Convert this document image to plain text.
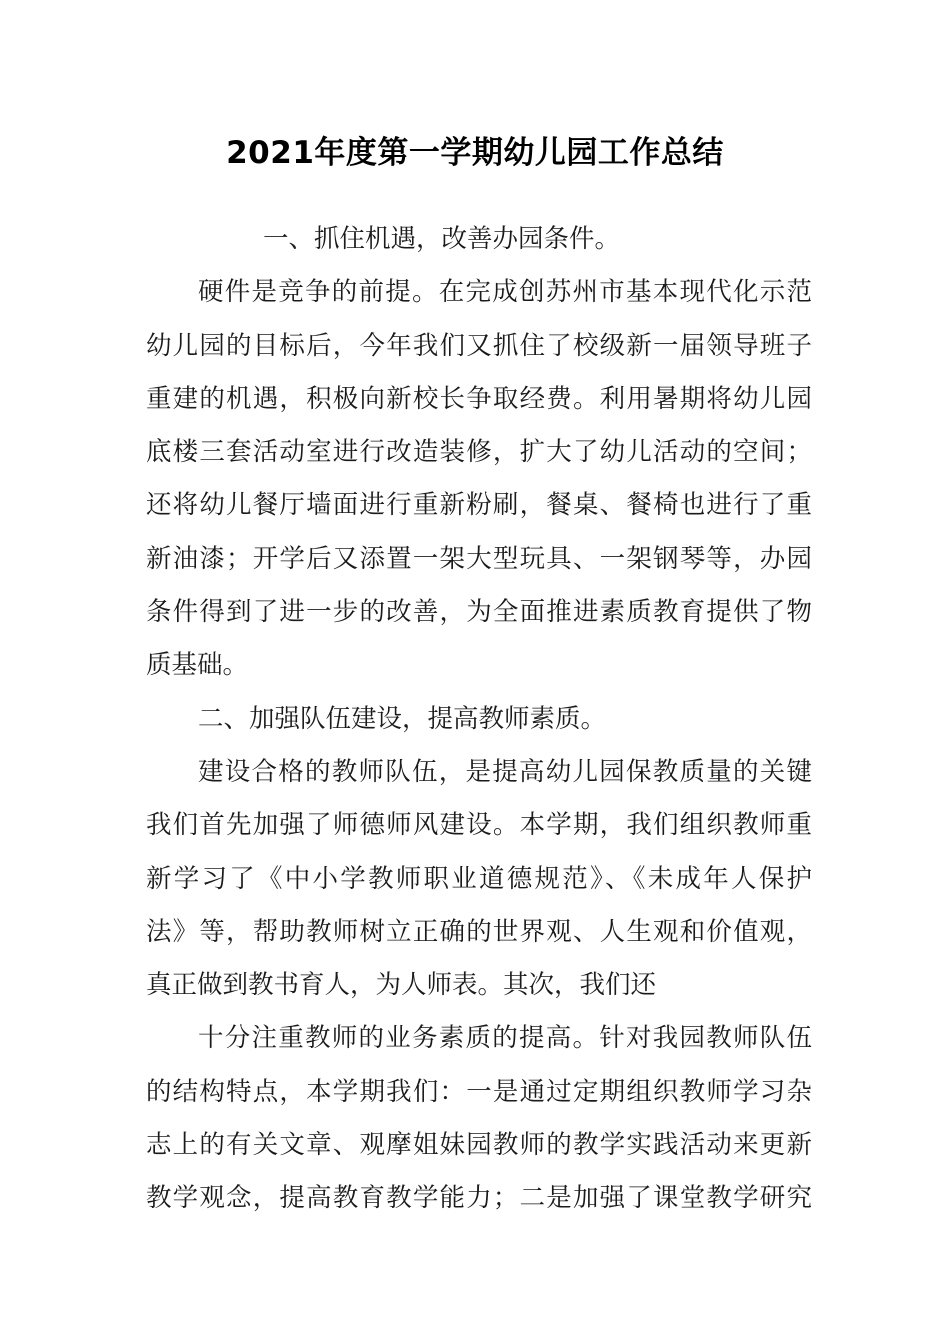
2021年度第一学期幼儿园工作总结
一、抓住机遇，改善办园条件。
硬件是竞争的前提。在完成创苏州市基本现代化示范
幼儿园的目标后，今年我们又抓住了校级新一届领导班子
重建的机遇，积极向新校长争取经费。利用暑期将幼儿园
底楼三套活动室进行改造装修，扩大了幼儿活动的空间；
还将幼儿餐厅墙面进行重新粉刷，餐桌、餐椅也进行了重
新油漆；开学后又添置一架大型玩具、一架钢琴等，办园
条件得到了进一步的改善，为全面推进素质教育提供了物
质基础。
二、加强队伍建设，提高教师素质。
建设合格的教师队伍，是提高幼儿园保教质量的关键
我们首先加强了师德师风建设。本学期，我们组织教师重
新学习了《中小学教师职业道德规范》、《未成年人保护
法》等，帮助教师树立正确的世界观、人生观和价值观，
真正做到教书育人，为人师表。其次，我们还
十分注重教师的业务素质的提高。针对我园教师队伍
的结构特点，本学期我们：一是通过定期组织教师学习杂
志上的有关文章、观摩姐妹园教师的教学实践活动来更新
教学观念，提高教育教学能力；二是加强了课堂教学研究
